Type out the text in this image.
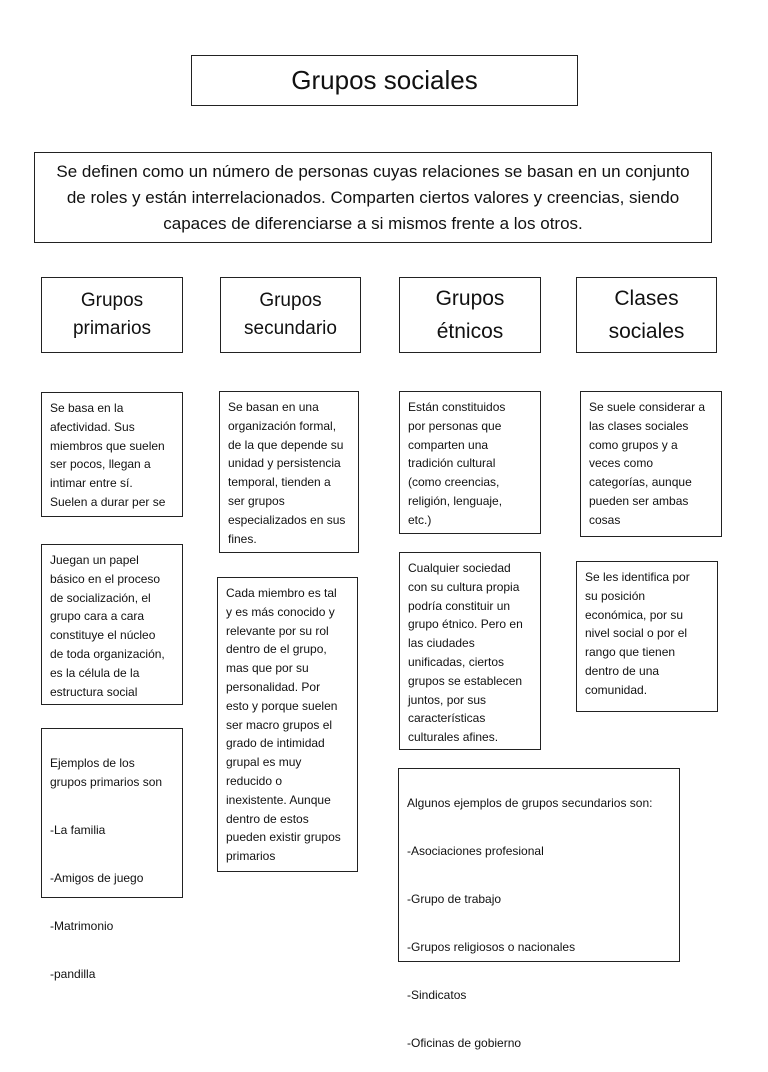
Grupos sociales
Se definen como un número de personas cuyas relaciones se basan en un conjunto de roles y están interrelacionados. Comparten ciertos valores y creencias, siendo capaces de diferenciarse a si mismos frente a los otros.
Grupos
primarios
Grupos
secundario
Grupos
étnicos
Clases
sociales
Se basa en la
afectividad. Sus
miembros que suelen
ser pocos, llegan a
intimar entre sí.
Suelen a durar per se
Juegan un papel
básico en el proceso
de socialización, el
grupo cara a cara
constituye el núcleo
de toda organización,
es la célula de la
estructura social

Ejemplos de los
grupos primarios son

-La familia

-Amigos de juego

-Matrimonio

-pandilla

Se basan en una
organización formal,
de la que depende su
unidad y persistencia
temporal, tienden a
ser grupos
especializados en sus
fines.
Cada miembro es tal
y es más conocido y
relevante por su rol
dentro de el grupo,
mas que por su
personalidad. Por
esto y porque suelen
ser macro grupos el
grado de intimidad
grupal es muy
reducido o
inexistente. Aunque
dentro de estos
pueden existir grupos
primarios
Están constituidos
por personas que
comparten una
tradición cultural
(como creencias,
religión, lenguaje,
etc.)
Cualquier sociedad
con su cultura propia
podría constituir un
grupo étnico. Pero en
las ciudades
unificadas, ciertos
grupos se establecen
juntos, por sus
características
culturales afines.

Algunos ejemplos de grupos secundarios son:

-Asociaciones profesional

-Grupo de trabajo

-Grupos religiosos o nacionales

-Sindicatos

-Oficinas de gobierno

Se suele considerar a
las clases sociales
como grupos y a
veces como
categorías, aunque
pueden ser ambas
cosas
Se les identifica por
su posición
económica, por su
nivel social o por el
rango que tienen
dentro de una
comunidad.
